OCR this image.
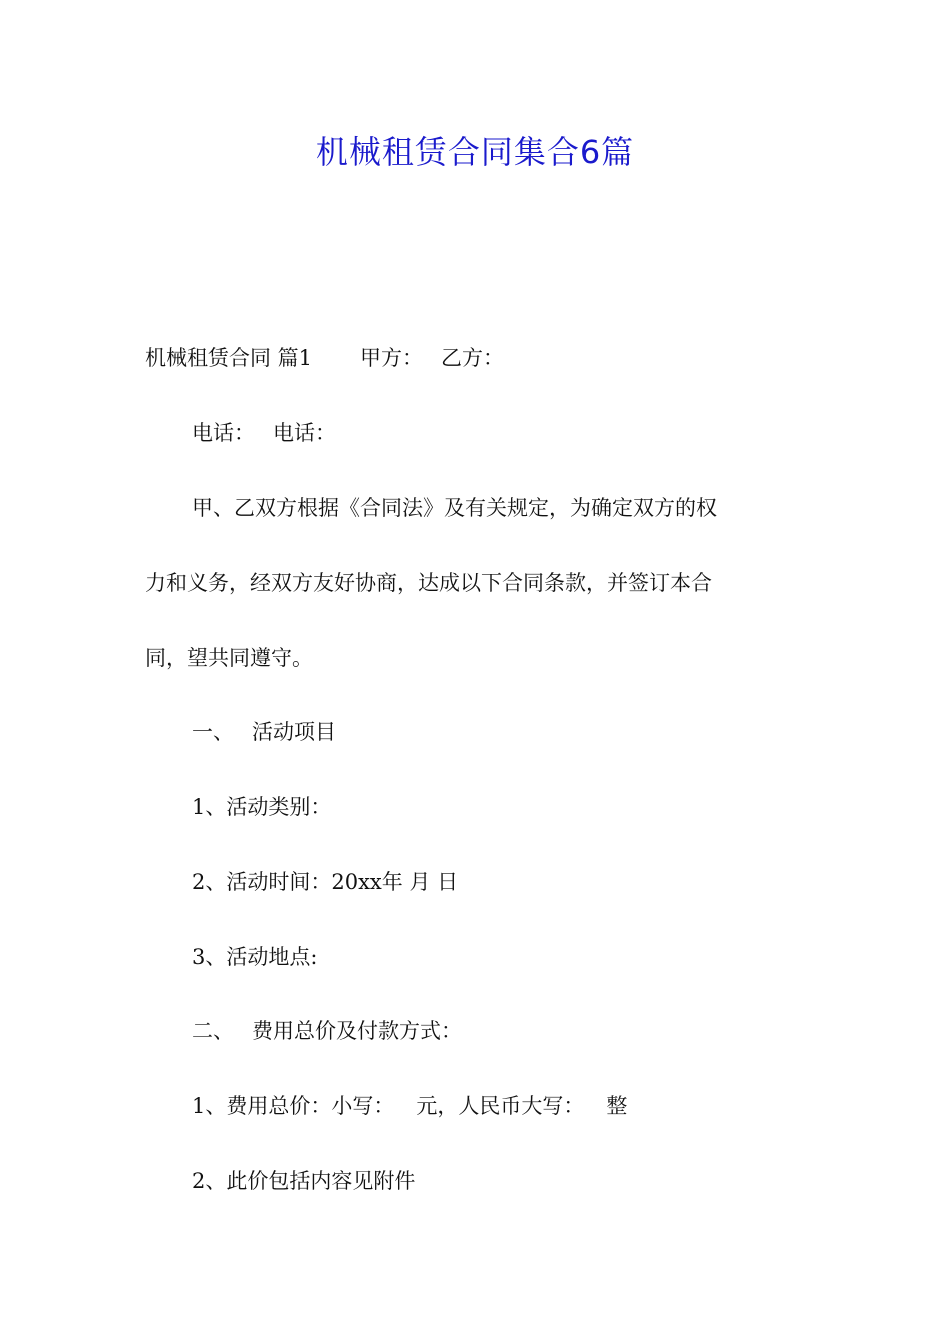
机械租赁合同集合6篇
机械租赁合同 篇1 甲方： 乙方：
电话： 电话：
甲、乙双方根据《合同法》及有关规定，为确定双方的权
力和义务，经双方友好协商，达成以下合同条款，并签订本合
同，望共同遵守。
一、 活动项目
1、活动类别：
2、活动时间：20xx年 月 日
3、活动地点:
二、 费用总价及付款方式：
1、费用总价：小写： 元，人民币大写： 整
2、此价包括内容见附件
